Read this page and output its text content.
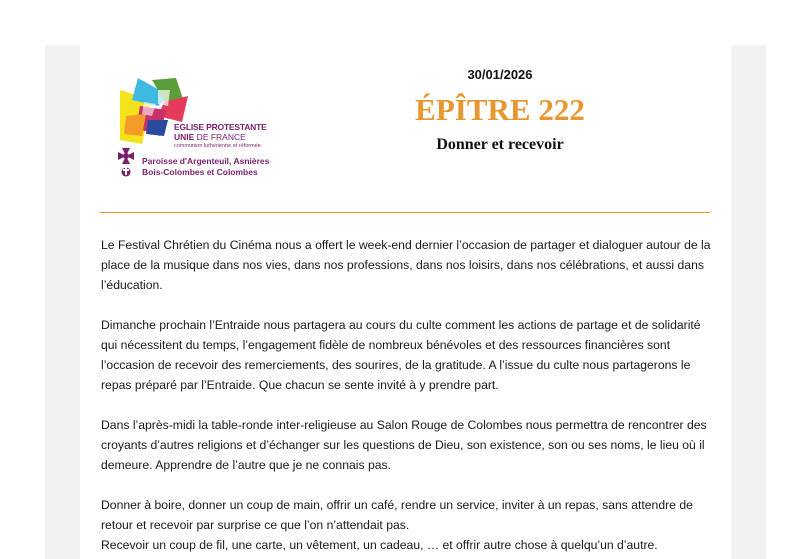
EGLISE PROTESTANTE
UNIE DE FRANCE
communion luthérienne et réformée
Paroisse d'Argenteuil, Asnières
Bois-Colombes et Colombes
30/01/2026
ÉPÎTRE 222
Donner et recevoir

Le Festival Chrétien du Cinéma nous a offert le week-end dernier l’occasion de partager et dialoguer autour de la place de la musique dans nos vies, dans nos professions, dans nos loisirs, dans nos célébrations, et aussi dans l’éducation.

Dimanche prochain l’Entraide nous partagera au cours du culte comment les actions de partage et de solidarité qui nécessitent du temps, l’engagement fidèle de nombreux bénévoles et des ressources financières sont l’occasion de recevoir des remerciements, des sourires, de la gratitude. A l’issue du culte nous partagerons le repas préparé par l’Entraide. Que chacun se sente invité à y prendre part.

Dans l’après-midi la table-ronde inter-religieuse au Salon Rouge de Colombes nous permettra de rencontrer des croyants d’autres religions et d’échanger sur les questions de Dieu, son existence, son ou ses noms, le lieu où il demeure. Apprendre de l’autre que je ne connais pas.

Donner à boire, donner un coup de main, offrir un café, rendre un service, inviter à un repas, sans attendre de retour et recevoir par surprise ce que l’on n’attendait pas.

Recevoir un coup de fil, une carte, un vêtement, un cadeau, … et offrir autre chose à quelqu’un d’autre.
